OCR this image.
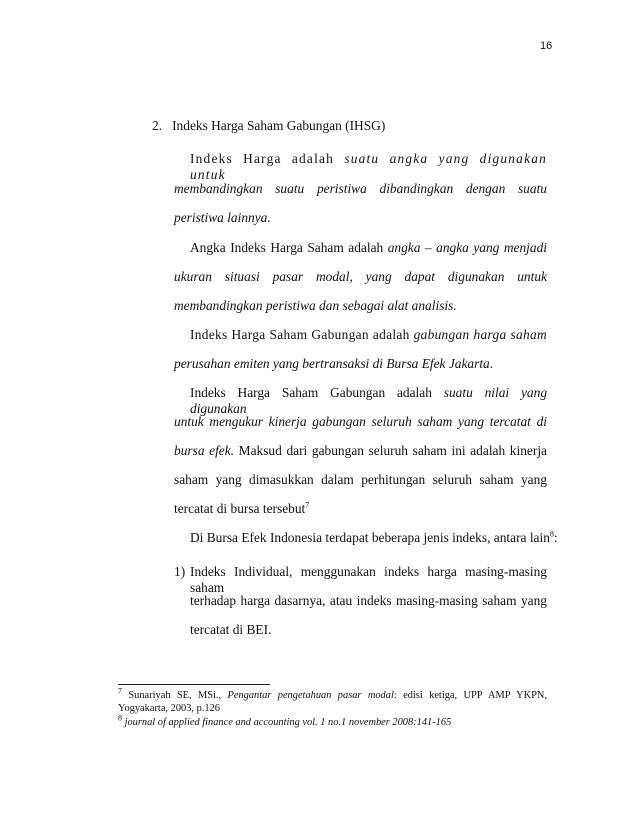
16
2. Indeks Harga Saham Gabungan (IHSG)
Indeks Harga adalah suatu angka yang digunakan untuk
membandingkan suatu peristiwa dibandingkan dengan suatu
peristiwa lainnya.
Angka Indeks Harga Saham adalah angka – angka yang menjadi
ukuran situasi pasar modal, yang dapat digunakan untuk
membandingkan peristiwa dan sebagai alat analisis.
Indeks Harga Saham Gabungan adalah gabungan harga saham
perusahan emiten yang bertransaksi di Bursa Efek Jakarta.
Indeks Harga Saham Gabungan adalah suatu nilai yang digunakan
untuk mengukur kinerja gabungan seluruh saham yang tercatat di
bursa efek. Maksud dari gabungan seluruh saham ini adalah kinerja
saham yang dimasukkan dalam perhitungan seluruh saham yang
tercatat di bursa tersebut$^7$
Di Bursa Efek Indonesia terdapat beberapa jenis indeks, antara lain$^8$:
1) Indeks Individual, menggunakan indeks harga masing-masing saham
terhadap harga dasarnya, atau indeks masing-masing saham yang
tercatat di BEI.
$^7$ Sunariyah SE, MSi., Pengantar pengetahuan pasar modal: edisi ketiga, UPP AMP YKPN,
Yogyakarta, 2003, p.126
$^8$ journal of applied finance and accounting vol. 1 no.1 november 2008:141-165
